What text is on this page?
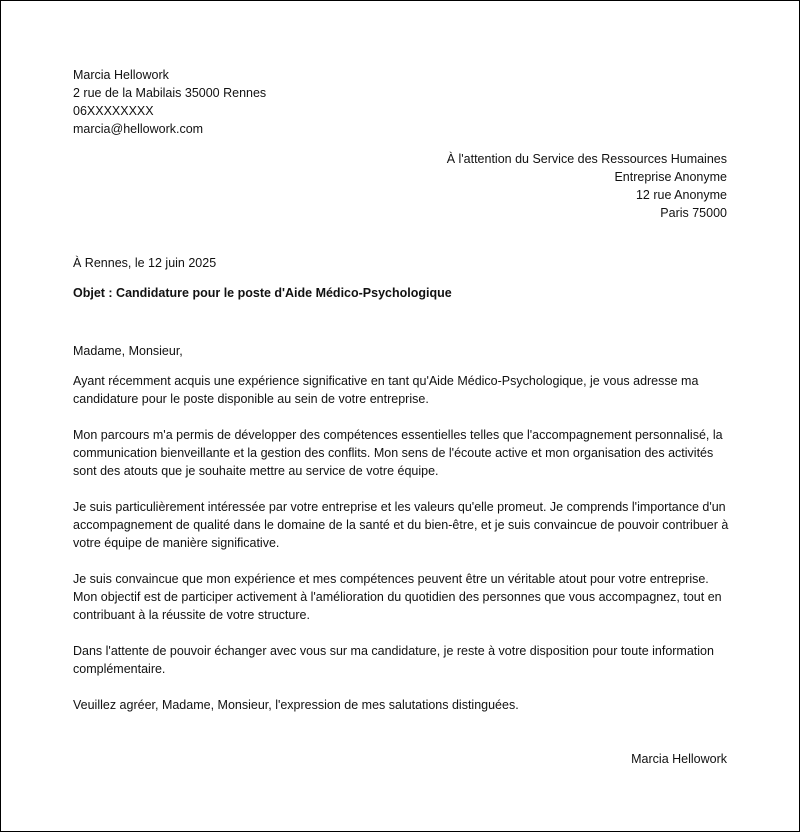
Marcia Hellowork
2 rue de la Mabilais 35000 Rennes
06XXXXXXXX
marcia@hellowork.com
À l'attention du Service des Ressources Humaines
Entreprise Anonyme
12 rue Anonyme
Paris 75000
À Rennes, le 12 juin 2025
Objet : Candidature pour le poste d'Aide Médico-Psychologique

Madame, Monsieur,

Ayant récemment acquis une expérience significative en tant qu'Aide Médico-Psychologique, je vous adresse ma candidature pour le poste disponible au sein de votre entreprise.

Mon parcours m'a permis de développer des compétences essentielles telles que l'accompagnement personnalisé, la communication bienveillante et la gestion des conflits. Mon sens de l'écoute active et mon organisation des activités sont des atouts que je souhaite mettre au service de votre équipe.

Je suis particulièrement intéressée par votre entreprise et les valeurs qu'elle promeut. Je comprends l'importance d'un accompagnement de qualité dans le domaine de la santé et du bien-être, et je suis convaincue de pouvoir contribuer à votre équipe de manière significative.

Je suis convaincue que mon expérience et mes compétences peuvent être un véritable atout pour votre entreprise. Mon objectif est de participer activement à l'amélioration du quotidien des personnes que vous accompagnez, tout en contribuant à la réussite de votre structure.

Dans l'attente de pouvoir échanger avec vous sur ma candidature, je reste à votre disposition pour toute information complémentaire.

Veuillez agréer, Madame, Monsieur, l'expression de mes salutations distinguées.

Marcia Hellowork
